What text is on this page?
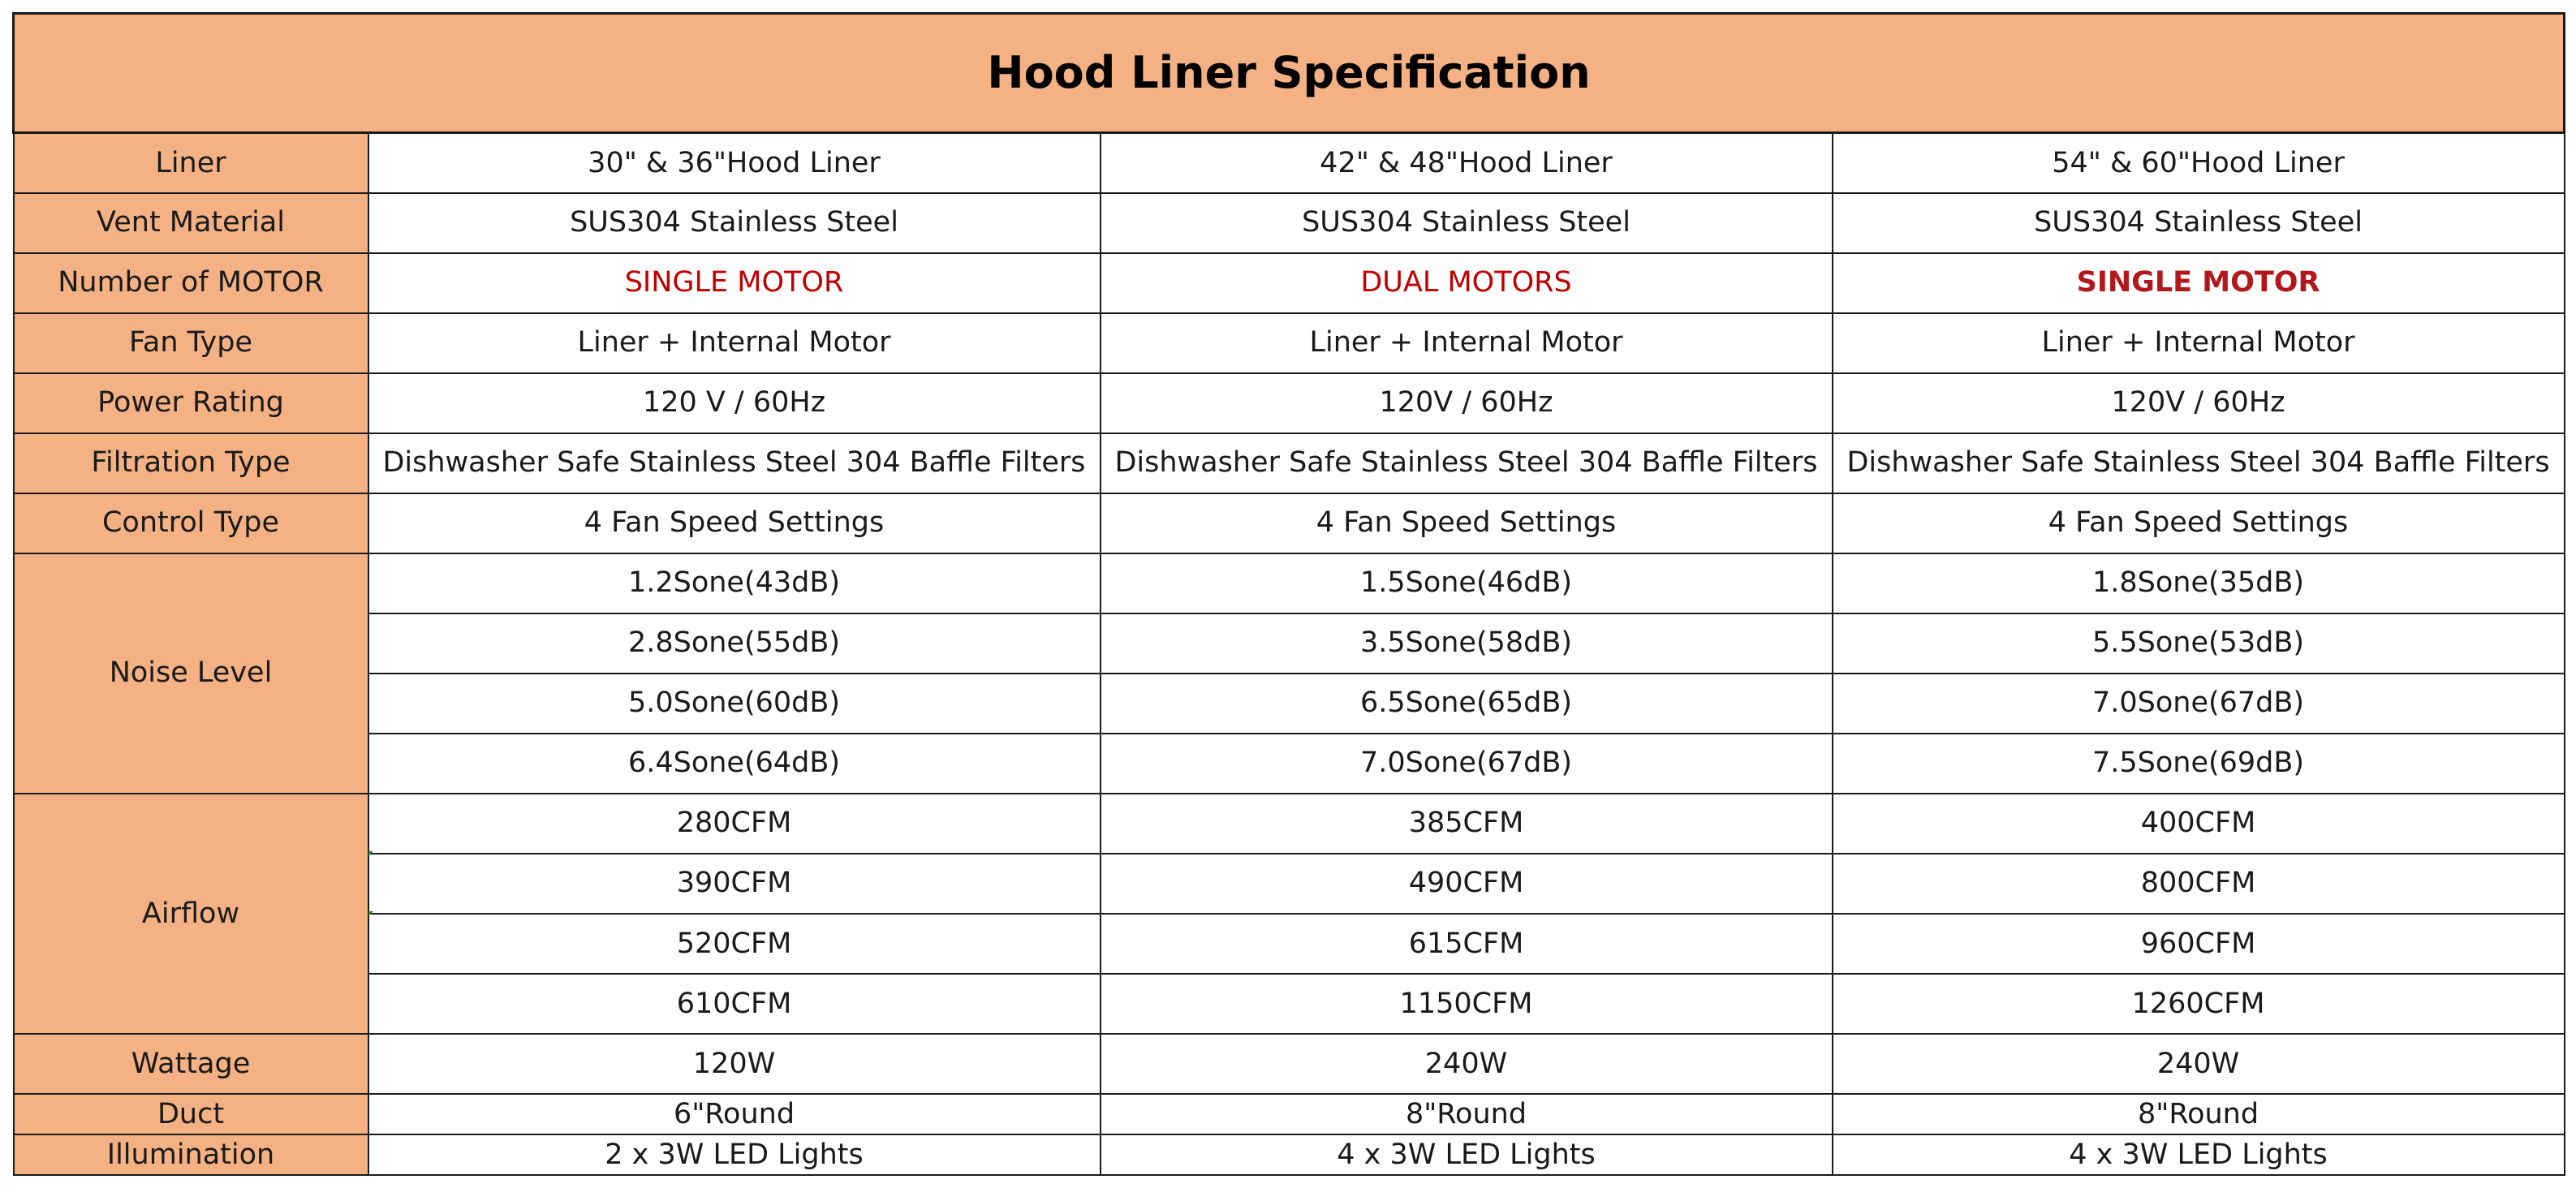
Hood Liner Specification			
Liner	30" & 36"Hood Liner	42" & 48"Hood Liner	54" & 60"Hood Liner
Vent Material	SUS304 Stainless Steel	SUS304 Stainless Steel	SUS304 Stainless Steel
Number of MOTOR	SINGLE MOTOR	DUAL MOTORS	SINGLE MOTOR
Fan Type	Liner + Internal Motor	Liner + Internal Motor	Liner + Internal Motor
Power Rating	120 V / 60Hz	120V / 60Hz	120V / 60Hz
Filtration Type	Dishwasher Safe Stainless Steel 304 Baffle Filters	Dishwasher Safe Stainless Steel 304 Baffle Filters	Dishwasher Safe Stainless Steel 304 Baffle Filters
Control Type	4 Fan Speed Settings	4 Fan Speed Settings	4 Fan Speed Settings
Noise Level	1.2Sone(43dB)	1.5Sone(46dB)	1.8Sone(35dB)
	2.8Sone(55dB)	3.5Sone(58dB)	5.5Sone(53dB)
	5.0Sone(60dB)	6.5Sone(65dB)	7.0Sone(67dB)
	6.4Sone(64dB)	7.0Sone(67dB)	7.5Sone(69dB)
Airflow	280CFM	385CFM	400CFM
	390CFM	490CFM	800CFM
	520CFM	615CFM	960CFM
	610CFM	1150CFM	1260CFM
Wattage	120W	240W	240W
Duct	6"Round	8"Round	8"Round
Illumination	2 x 3W LED Lights	4 x 3W LED Lights	4 x 3W LED Lights
